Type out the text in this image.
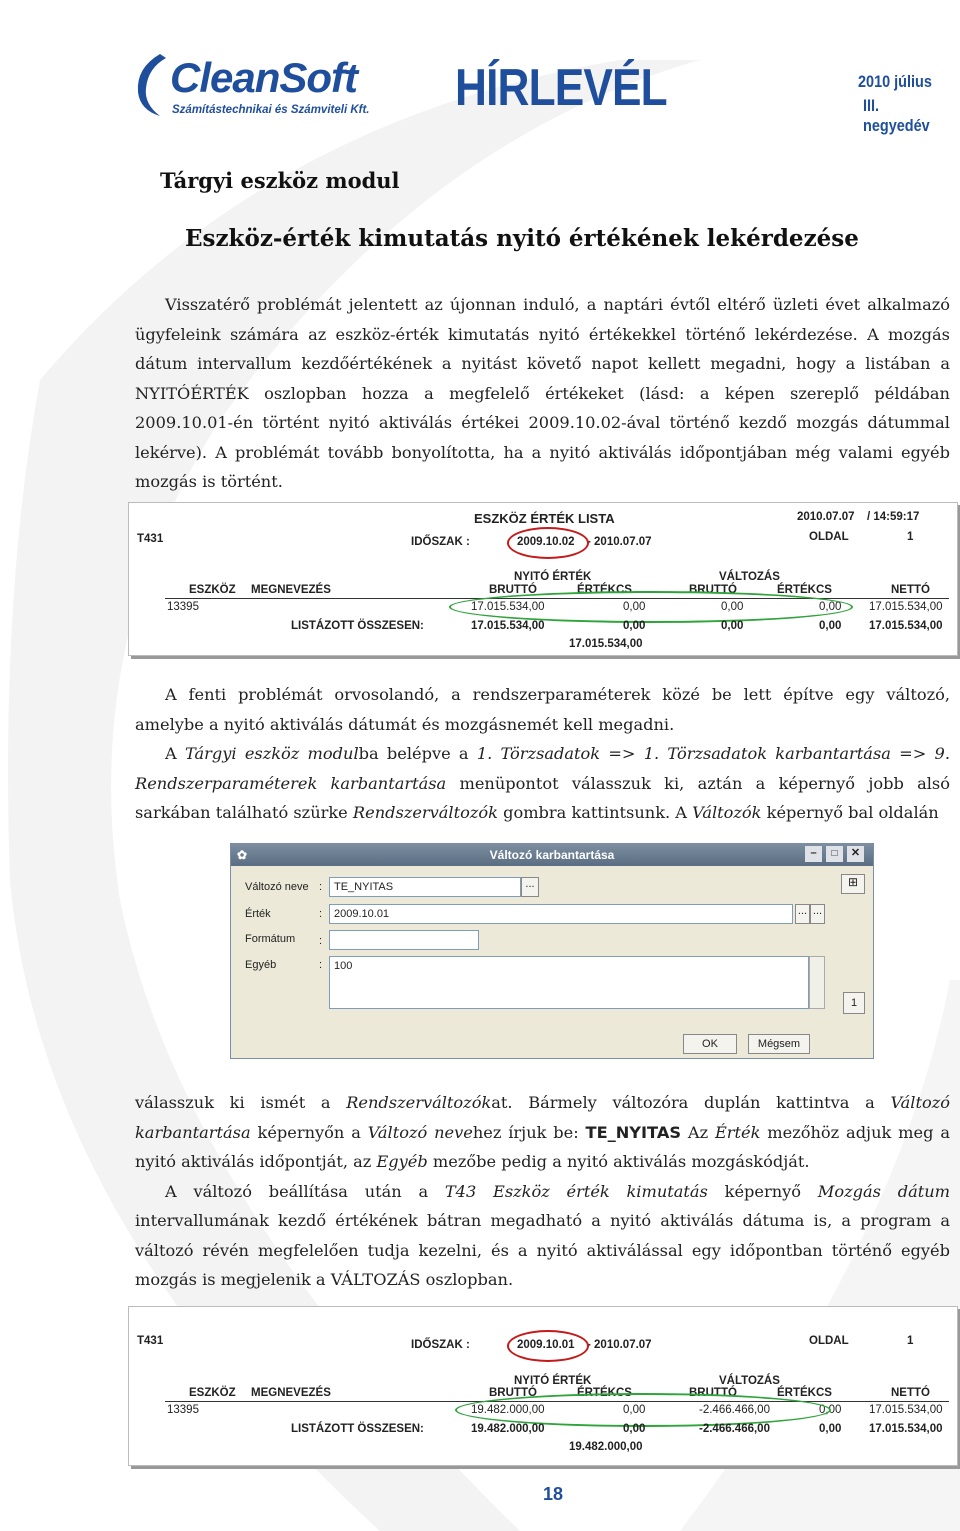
CleanSoft
Számítástechnikai és Számviteli Kft. HÍRLEVÉL	2010 július
III. negyedév
Tárgyi eszköz modul
Eszköz-érték kimutatás nyitó értékének lekérdezése

Visszatérő problémát jelentett az újonnan induló, a naptári évtől eltérő üzleti évet alkalmazó ügyfeleink számára az eszköz-érték kimutatás nyitó értékekkel történő lekérdezése. A mozgás dátum intervallum kezdőértékének a nyitást követő napot kellett megadni, hogy a listában a NYITÓÉRTÉK oszlopban hozza a megfelelő értékeket (lásd: a képen szereplő példában 2009.10.01-én történt nyitó aktiválás értékei 2009.10.02-ával történő kezdő mozgás dátummal lekérve). A problémát tovább bonyolította, ha a nyitó aktiválás időpontjában még valami egyéb mozgás is történt.

ESZKÖZ ÉRTÉK LISTA
T431	IDŐSZAK :	2009.10.02 - 2010.07.07
2010.07.07 / 14:59:17
OLDAL	1
NYITÓ ÉRTÉK	VÁLTOZÁS
ESZKÖZ MEGNEVEZÉS	BRUTTÓ	ÉRTÉKCS	BRUTTÓ	ÉRTÉKCS	NETTÓ
13395	17.015.534,00	0,00	0,00	0,00 17.015.534,00
LISTÁZOTT ÖSSZESEN:	17.015.534,00	0,00	0,00	0,00 17.015.534,00
17.015.534,00

A fenti problémát orvosolandó, a rendszerparaméterek közé be lett építve egy változó, amelybe a nyitó aktiválás dátumát és mozgásnemét kell megadni.

A Tárgyi eszköz modulba belépve a 1. Törzsadatok => 1. Törzsadatok karbantartása => 9. Rendszerparaméterek karbantartása menüpontot válasszuk ki, aztán a képernyő jobb alsó sarkában található szürke Rendszerváltozók gombra kattintsunk. A Változók képernyő bal oldalán

✿	Változó karbantartása	–	□	✕
Változó neve :	TE_NYITAS	...
Érték	:	2009.10.01	... ...
Formátum :
Egyéb	:	100
⊞
1
OK	Mégsem

válasszuk ki ismét a Rendszerváltozókat. Bármely változóra duplán kattintva a Változó karbantartása képernyőn a Változó nevehez írjuk be: TE_NYITAS Az Érték mezőhöz adjuk meg a nyitó aktiválás időpontját, az Egyéb mezőbe pedig a nyitó aktiválás mozgáskódját.

A változó beállítása után a T43 Eszköz érték kimutatás képernyő Mozgás dátum intervallumának kezdő értékének bátran megadható a nyitó aktiválás dátuma is, a program a változó révén megfelelően tudja kezelni, és a nyitó aktiválással egy időpontban történő egyéb mozgás is megjelenik a VÁLTOZÁS oszlopban.

T431	IDŐSZAK :	2009.10.01 - 2010.07.07	OLDAL	1
NYITÓ ÉRTÉK	VÁLTOZÁS
ESZKÖZ MEGNEVEZÉS	BRUTTÓ	ÉRTÉKCS	BRUTTÓ	ÉRTÉKCS	NETTÓ
13395	19.482.000,00	0,00	-2.466.466,00	0,00 17.015.534,00
LISTÁZOTT ÖSSZESEN:	19.482.000,00	0,00	-2.466.466,00	0,00 17.015.534,00
19.482.000,00
18
